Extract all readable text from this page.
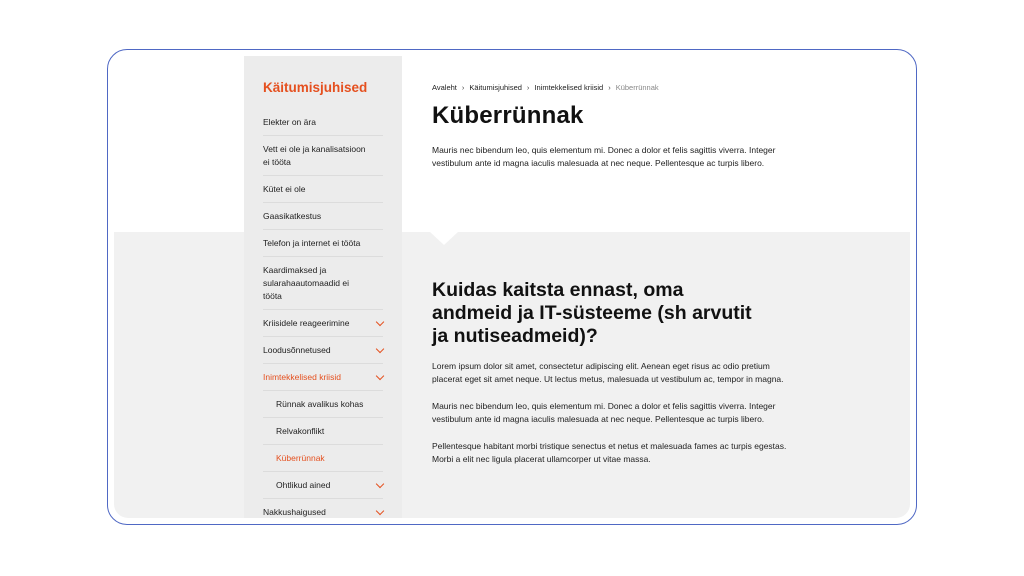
Käitumisjuhised
Elekter on ära
Vett ei ole ja kanalisatsioon ei tööta
Kütet ei ole
Gaasikatkestus
Telefon ja internet ei tööta
Kaardimaksed ja sularahaautomaadid ei tööta
Kriisidele reageerimine
Loodusõnnetused
Inimtekkelised kriisid
Rünnak avalikus kohas
Relvakonflikt
Küberrünnak
Ohtlikud ained
Nakkushaigused
Avaleht › Käitumisjuhised › Inimtekkelised kriisid › Küberrünnak
Küberrünnak

Mauris nec bibendum leo, quis elementum mi. Donec a dolor et felis sagittis viverra. Integer vestibulum ante id magna iaculis malesuada at nec neque. Pellentesque ac turpis libero.

Kuidas kaitsta ennast, oma andmeid ja IT-süsteeme (sh arvutit ja nutiseadmeid)?

Lorem ipsum dolor sit amet, consectetur adipiscing elit. Aenean eget risus ac odio pretium placerat eget sit amet neque. Ut lectus metus, malesuada ut vestibulum ac, tempor in magna.

Mauris nec bibendum leo, quis elementum mi. Donec a dolor et felis sagittis viverra. Integer vestibulum ante id magna iaculis malesuada at nec neque. Pellentesque ac turpis libero.

Pellentesque habitant morbi tristique senectus et netus et malesuada fames ac turpis egestas. Morbi a elit nec ligula placerat ullamcorper ut vitae massa.
